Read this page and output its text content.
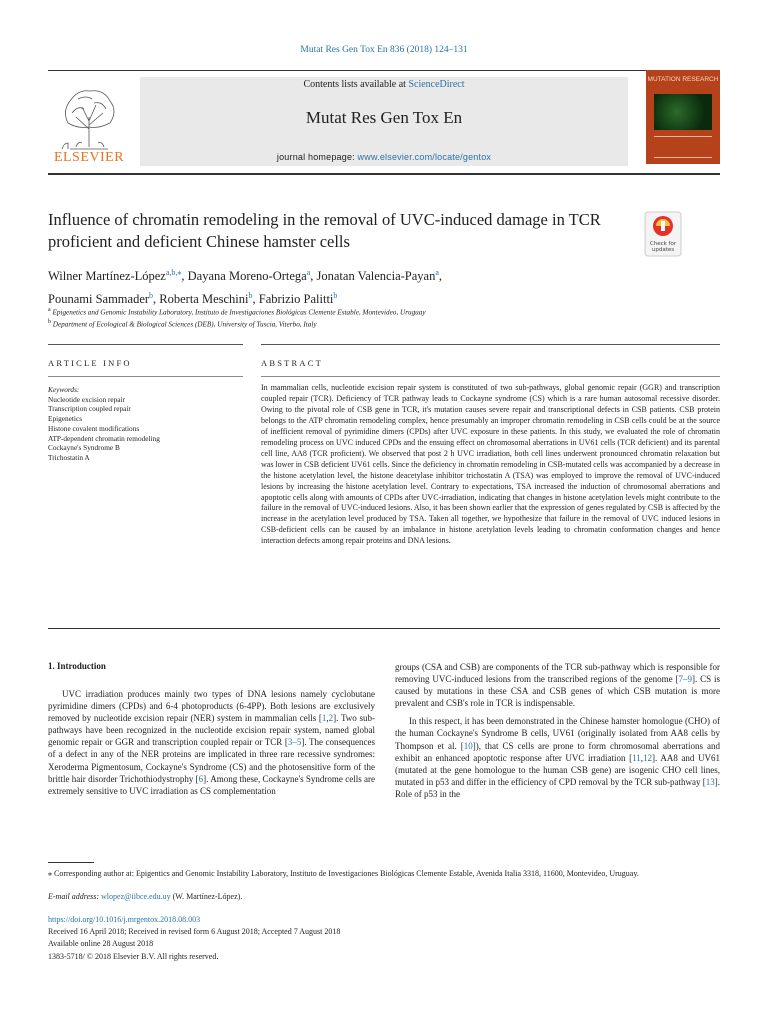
Mutat Res Gen Tox En 836 (2018) 124–131
ELSEVIER
Contents lists available at ScienceDirect
Mutat Res Gen Tox En
journal homepage: www.elsevier.com/locate/gentox
MUTATION RESEARCH
Influence of chromatin remodeling in the removal of UVC-induced damage in TCR proficient and deficient Chinese hamster cells	Check for
updates
Wilner Martínez-López$^{a,b,⁎}$, Dayana Moreno-Ortega$^a$, Jonatan Valencia-Payan$^a$,
Pounami Sammader$^b$, Roberta Meschini$^b$, Fabrizio Palitti$^b$
$^a$ Epigenetics and Genomic Instability Laboratory, Instituto de Investigaciones Biológicas Clemente Estable, Montevideo, Uruguay
$^b$ Department of Ecological & Biological Sciences (DEB), University of Tuscia, Viterbo, Italy
ARTICLE INFO	ABSTRACT
Keywords:
Nucleotide excision repair
Transcription coupled repair
Epigenetics
Histone covalent modifications
ATP-dependent chromatin remodeling
Cockayne's Syndrome B
Trichostatin A
In mammalian cells, nucleotide excision repair system is constituted of two sub-pathways, global genomic repair (GGR) and transcription coupled repair (TCR). Deficiency of TCR pathway leads to Cockayne syndrome (CS) which is a rare human autosomal recessive disorder. Owing to the pivotal role of CSB gene in TCR, it's mutation causes severe repair and transcriptional defects in CSB patients. CSB protein belongs to the ATP chromatin remodeling complex, hence presumably an improper chromatin remodeling in CSB cells could be at the source of inefficient removal of pyrimidine dimers (CPDs) after UVC exposure in these patients. In this study, we evaluated the role of chromatin remodeling process on UVC induced CPDs and the ensuing effect on chromosomal aberrations in UV61 cells (TCR deficient) and its parental cell line, AA8 (TCR proficient). We observed that post 2 h UVC irradiation, both cell lines underwent pronounced chromatin relaxation but was lower in CSB deficient UV61 cells. Since the deficiency in chromatin remodeling in CSB-mutated cells was accompanied by a decrease in the histone acetylation level, the histone deacetylase inhibitor trichostatin A (TSA) was employed to improve the removal of UVC-induced lesions by increasing the histone acetylation level. Contrary to expectations, TSA increased the induction of chromosomal aberrations and apoptotic cells along with amounts of CPDs after UVC-irradiation, indicating that changes in histone acetylation levels might contribute to the failure in the removal of UVC-induced lesions. Also, it has been shown earlier that the expression of genes regulated by CSB is affected by the increase in the acetylation level produced by TSA. Taken all together, we hypothesize that failure in the removal of UVC induced lesions in CSB-deficient cells can be caused by an imbalance in histone acetylation levels leading to chromatin conformation changes and hence interaction defects among repair proteins and DNA lesions.
1. Introduction

UVC irradiation produces mainly two types of DNA lesions namely cyclobutane pyrimidine dimers (CPDs) and 6-4 photoproducts (6-4PP). Both lesions are exclusively removed by nucleotide excision repair (NER) system in mammalian cells [1,2]. Two sub-pathways have been recognized in the nucleotide excision repair system, named global genomic repair or GGR and transcription coupled repair or TCR [3–5]. The consequences of a defect in any of the NER proteins are implicated in three rare recessive syndromes: Xeroderma Pigmentosum, Cockayne's Syndrome (CS) and the photosensitive form of the brittle hair disorder Trichothiodystrophy [6]. Among these, Cockayne's Syndrome cells are extremely sensitive to UVC irradiation as CS complementation

groups (CSA and CSB) are components of the TCR sub-pathway which is responsible for removing UVC-induced lesions from the transcribed regions of the genome [7–9]. CS is caused by mutations in these CSA and CSB genes of which CSB mutation is more prevalent and CSB's role in TCR is indispensable.

In this respect, it has been demonstrated in the Chinese hamster homologue (CHO) of the human Cockayne's Syndrome B cells, UV61 (originally isolated from AA8 cells by Thompson et al. [10]), that CS cells are prone to form chromosomal aberrations and exhibit an enhanced apoptotic response after UVC irradiation [11,12]. AA8 and UV61 (mutated at the gene homologue to the human CSB gene) are isogenic CHO cell lines, mutated in p53 and differ in the efficiency of CPD removal by the TCR sub-pathway [13]. Role of p53 in the

⁎ Corresponding author at: Epigentics and Genomic Instability Laboratory, Instituto de Investigaciones Biológicas Clemente Estable, Avenida Italia 3318, 11600, Montevideo, Uruguay.
E-mail address: wlopez@iibce.edu.uy (W. Martínez-López).
https://doi.org/10.1016/j.mrgentox.2018.08.003
Received 16 April 2018; Received in revised form 6 August 2018; Accepted 7 August 2018
Available online 28 August 2018
1383-5718/ © 2018 Elsevier B.V. All rights reserved.
